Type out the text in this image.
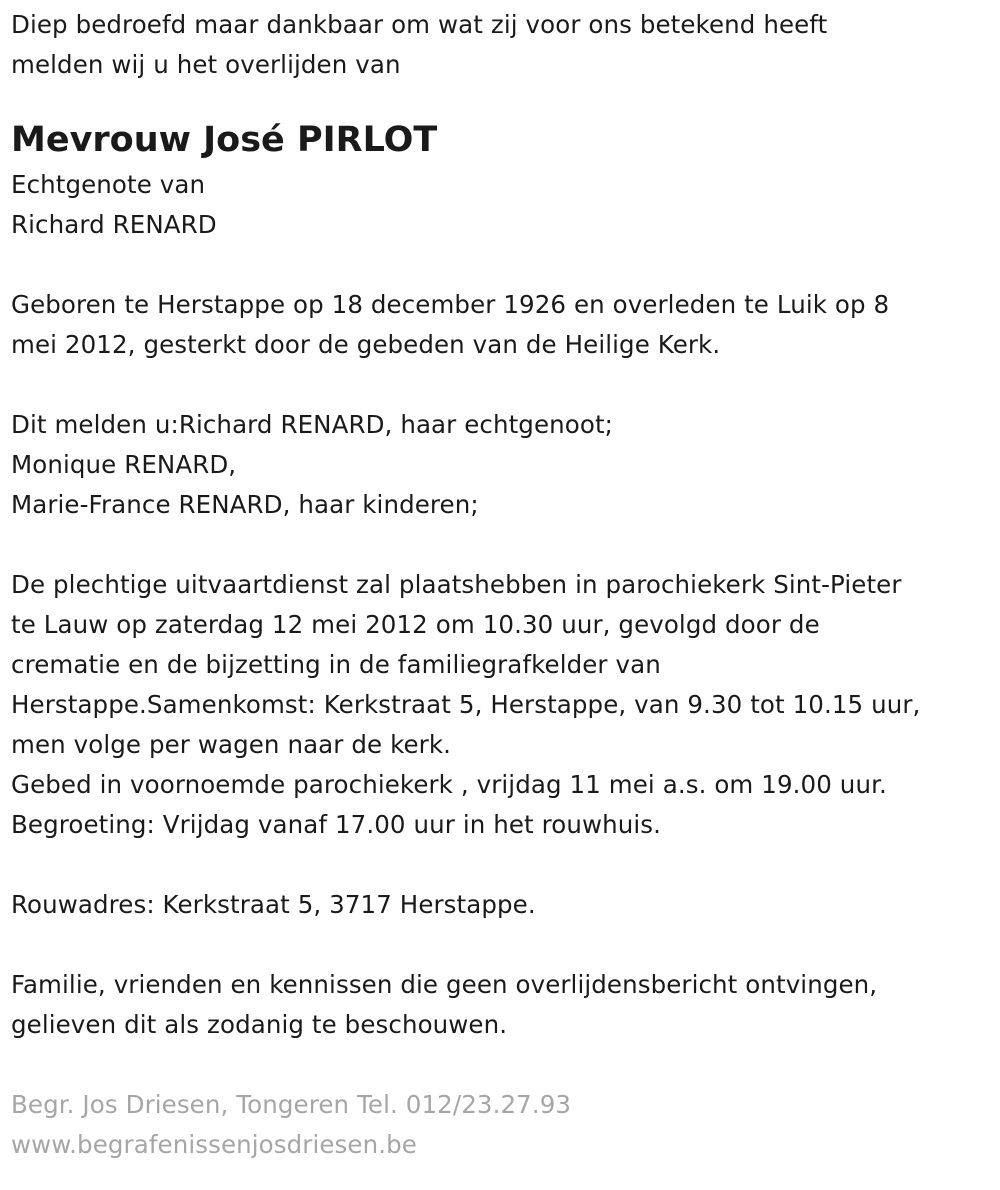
Diep bedroefd maar dankbaar om wat zij voor ons betekend heeft
melden wij u het overlijden van
Mevrouw José PIRLOT
Echtgenote van
Richard RENARD
Geboren te Herstappe op 18 december 1926 en overleden te Luik op 8
mei 2012, gesterkt door de gebeden van de Heilige Kerk.
Dit melden u:Richard RENARD, haar echtgenoot;
Monique RENARD,
Marie-France RENARD, haar kinderen;
De plechtige uitvaartdienst zal plaatshebben in parochiekerk Sint-Pieter
te Lauw op zaterdag 12 mei 2012 om 10.30 uur, gevolgd door de
crematie en de bijzetting in de familiegrafkelder van
Herstappe.Samenkomst: Kerkstraat 5, Herstappe, van 9.30 tot 10.15 uur,
men volge per wagen naar de kerk.
Gebed in voornoemde parochiekerk , vrijdag 11 mei a.s. om 19.00 uur.
Begroeting: Vrijdag vanaf 17.00 uur in het rouwhuis.
Rouwadres: Kerkstraat 5, 3717 Herstappe.
Familie, vrienden en kennissen die geen overlijdensbericht ontvingen,
gelieven dit als zodanig te beschouwen.
Begr. Jos Driesen, Tongeren Tel. 012/23.27.93
www.begrafenissenjosdriesen.be
